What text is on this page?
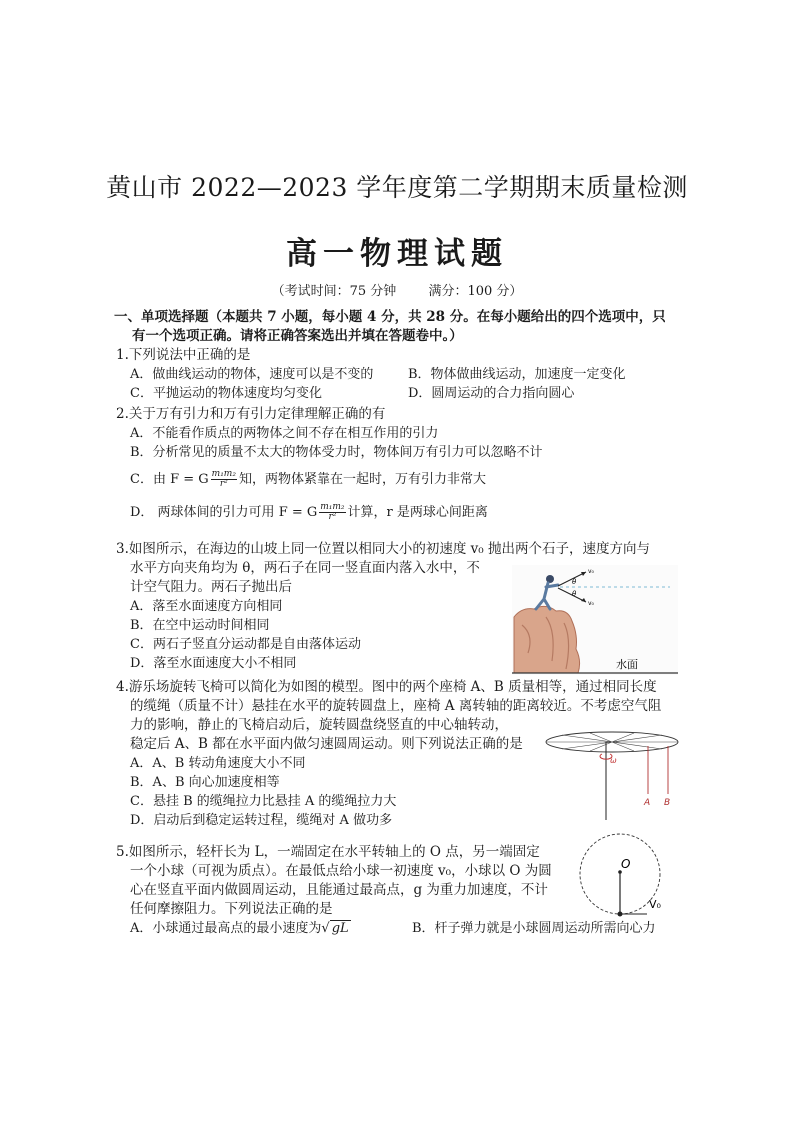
黄山市 2022—2023 学年度第二学期期末质量检测
高一物理试题
（考试时间：75 分钟 满分：100 分）
一、单项选择题（本题共 7 小题，每小题 4 分，共 28 分。在每小题给出的四个选项中，只
有一个选项正确。请将正确答案选出并填在答题卷中。）
1.下列说法中正确的是
A．做曲线运动的物体，速度可以是不变的	B．物体做曲线运动，加速度一定变化
C．平抛运动的物体速度均匀变化	D．圆周运动的合力指向圆心
2.关于万有引力和万有引力定律理解正确的有
A．不能看作质点的两物体之间不存在相互作用的引力
B．分析常见的质量不太大的物体受力时，物体间万有引力可以忽略不计
C．由 F = G $\frac{\text{m₁m₂}}{\text{r²}}$ 知，两物体紧靠在一起时，万有引力非常大
D． 两球体间的引力可用 F = G $\frac{\text{m₁m₂}}{\text{r²}}$ 计算，r 是两球心间距离
3.如图所示，在海边的山坡上同一位置以相同大小的初速度 v₀ 抛出两个石子，速度方向与
水平方向夹角均为 θ，两石子在同一竖直面内落入水中，不
计空气阻力。两石子抛出后
A．落至水面速度方向相同
B．在空中运动时间相同
C．两石子竖直分运动都是自由落体运动
D．落至水面速度大小不相同
v₀
v₀
θ
θ
水面
4.游乐场旋转飞椅可以简化为如图的模型。图中的两个座椅 A、B 质量相等，通过相同长度
的缆绳（质量不计）悬挂在水平的旋转圆盘上，座椅 A 离转轴的距离较近。不考虑空气阻
力的影响，静止的飞椅启动后，旋转圆盘绕竖直的中心轴转动，
稳定后 A、B 都在水平面内做匀速圆周运动。则下列说法正确的是
A．A、B 转动角速度大小不同
B．A、B 向心加速度相等
C．悬挂 B 的缆绳拉力比悬挂 A 的缆绳拉力大
D．启动后到稳定运转过程，缆绳对 A 做功多
ω
A B
5.如图所示，轻杆长为 L，一端固定在水平转轴上的 O 点，另一端固定
一个小球（可视为质点）。在最低点给小球一初速度 v₀，小球以 O 为圆
心在竖直平面内做圆周运动，且能通过最高点，g 为重力加速度，不计
任何摩擦阻力。下列说法正确的是
A．小球通过最高点的最小速度为√ gL	B．杆子弹力就是小球圆周运动所需向心力
O
V₀
